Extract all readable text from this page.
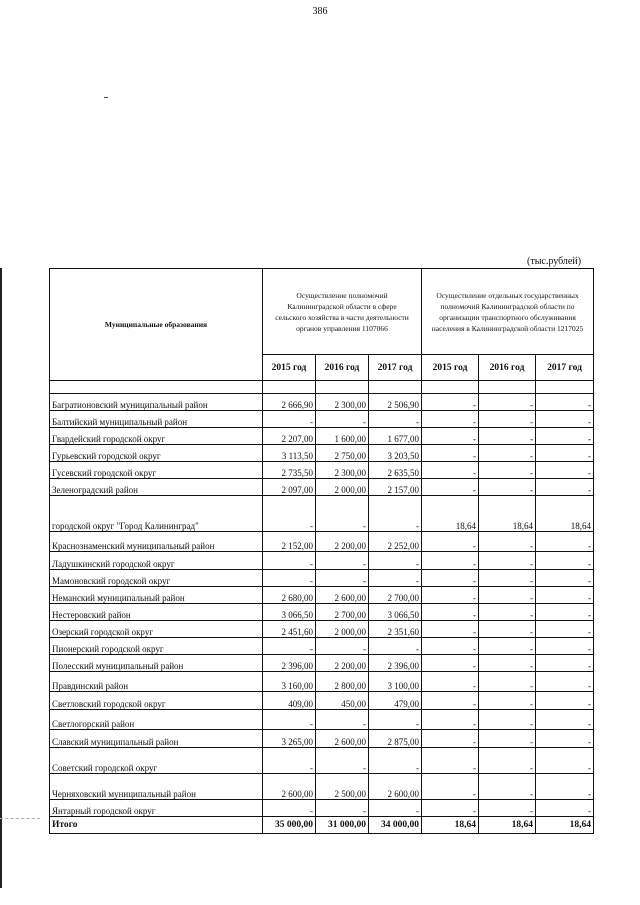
386
(тыс.рублей)
Муниципальные образования	Осуществление полномочий Калининградской области в сфере сельского хозяйства в части деятельности органов управления 1107066			Осуществление отдельных государственных полномочий Калининградской области по организации транспортного обслуживания населения в Калининградской области 1217025		
	2015 год	2016 год	2017 год	2015 год	2016 год	2017 год

Багратионовский муниципальный район	2 666,90	2 300,00	2 506,90	-	-	-
Балтийский муниципальный район	-	-	-	-	-	-
Гвардейский городской округ	2 207,00	1 600,00	1 677,00	-	-	-
Гурьевский городской округ	3 113,50	2 750,00	3 203,50	-	-	-
Гусевский городской округ	2 735,50	2 300,00	2 635,50	-	-	-
Зеленоградский район	2 097,00	2 000,00	2 157,00	-	-	-
городской округ "Город Калининград"	-	-	-	18,64	18,64	18,64
Краснознаменский муниципальный район	2 152,00	2 200,00	2 252,00	-	-	-
Ладушкинский городской округ	-	-	-	-	-	-
Мамоновский городской округ	-	-	-	-	-	-
Неманский муниципальный район	2 680,00	2 600,00	2 700,00	-	-	-
Нестеровский район	3 066,50	2 700,00	3 066,50	-	-	-
Озерский городской округ	2 451,60	2 000,00	2 351,60	-	-	-
Пионерский городской округ	-	-	-	-	-	-
Полесский муниципальный район	2 396,00	2 200,00	2 396,00	-	-	-
Правдинский район	3 160,00	2 800,00	3 100,00	-	-	-
Светловский городской округ	409,00	450,00	479,00	-	-	-
Светлогорский район	-	-	-	-	-	-
Славский муниципальный район	3 265,00	2 600,00	2 875,00	-	-	-
Советский городской округ	-	-	-	-	-	-
Черняховский муниципальный район	2 600,00	2 500,00	2 600,00	-	-	-
Янтарный городской округ	-	-	-	-	-	-
Итого	35 000,00	31 000,00	34 000,00	18,64	18,64	18,64
